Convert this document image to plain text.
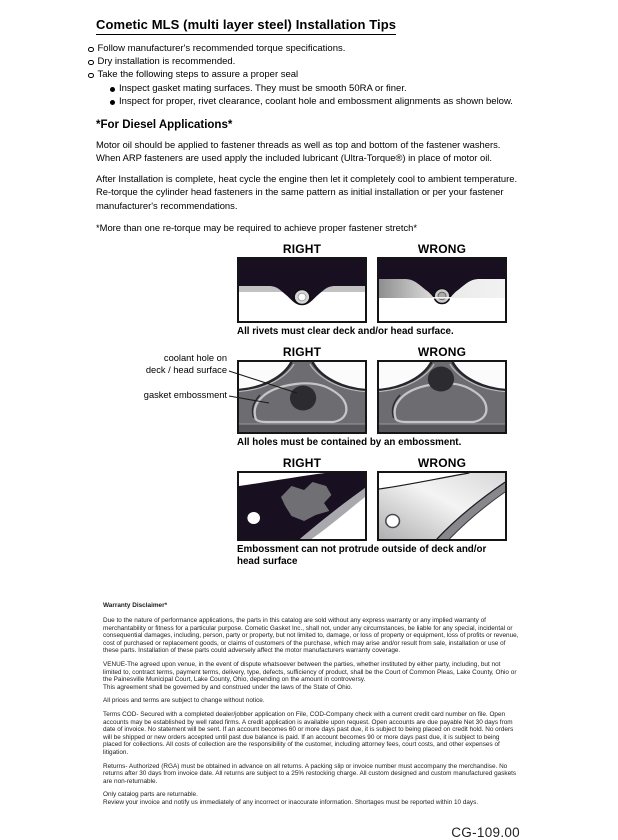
Cometic MLS (multi layer steel) Installation Tips
Follow manufacturer's recommended torque specifications.
Dry installation is recommended.
Take the following steps to assure a proper seal
Inspect gasket mating surfaces. They must be smooth 50RA or finer.
Inspect for proper, rivet clearance, coolant hole and embossment alignments as shown below.
*For Diesel Applications*

Motor oil should be applied to fastener threads as well as top and bottom of the fastener washers. When ARP fasteners are used apply the included lubricant (Ultra-Torque®) in place of motor oil.

After Installation is complete, heat cycle the engine then let it completely cool to ambient temperature. Re-torque the cylinder head fasteners in the same pattern as initial installation or per your fastener manufacturer's recommendations.

*More than one re-torque may be required to achieve proper fastener stretch*

RIGHT	WRONG
All rivets must clear deck and/or head surface.
coolant hole on
deck / head surface
gasket embossment
RIGHT	WRONG
All holes must be contained by an embossment.
RIGHT	WRONG
Embossment can not protrude outside of deck and/or head surface

Warranty Disclaimer*

Due to the nature of performance applications, the parts in this catalog are sold without any express warranty or any implied warranty of merchantability or fitness for a particular purpose. Cometic Gasket Inc., shall not, under any circumstances, be liable for any special, incidental or consequential damages, including, person, party or property, but not limited to, damage, or loss of property or equipment, loss of profits or revenue, cost of purchased or replacement goods, or claims of customers of the purchase, which may arise and/or result from sale, installation or use of these parts. Installation of these parts could adversely affect the motor manufacturers warranty coverage.

VENUE-The agreed upon venue, in the event of dispute whatsoever between the parties, whether instituted by either party, including, but not limited to, contract terms, payment terms, delivery, type, defects, sufficiency of product, shall be the Court of Common Pleas, Lake County, Ohio or the Painesville Municipal Court, Lake County, Ohio, depending on the amount in controversy.

This agreement shall be governed by and construed under the laws of the State of Ohio.

All prices and terms are subject to change without notice.

Terms COD- Secured with a completed dealer/jobber application on File, COD-Company check with a current credit card number on file. Open accounts may be established by well rated firms. A credit application is available upon request. Open accounts are due payable Net 30 days from date of invoice. No statement will be sent. If an account becomes 60 or more days past due, it is subject to being placed on credit hold. No orders will be shipped or new orders accepted until past due balance is paid. If an account becomes 90 or more days past due, it is subject to being placed for collections. All costs of collection are the responsibility of the customer, including attorney fees, court costs, and other expenses of litigation.

Returns- Authorized (RGA) must be obtained in advance on all returns. A packing slip or invoice number must accompany the merchandise. No returns after 30 days from invoice date. All returns are subject to a 25% restocking charge. All custom designed and custom manufactured gaskets are non-returnable.

Only catalog parts are returnable.

Review your invoice and notify us immediately of any incorrect or inaccurate information. Shortages must be reported within 10 days.

CG-109.00
